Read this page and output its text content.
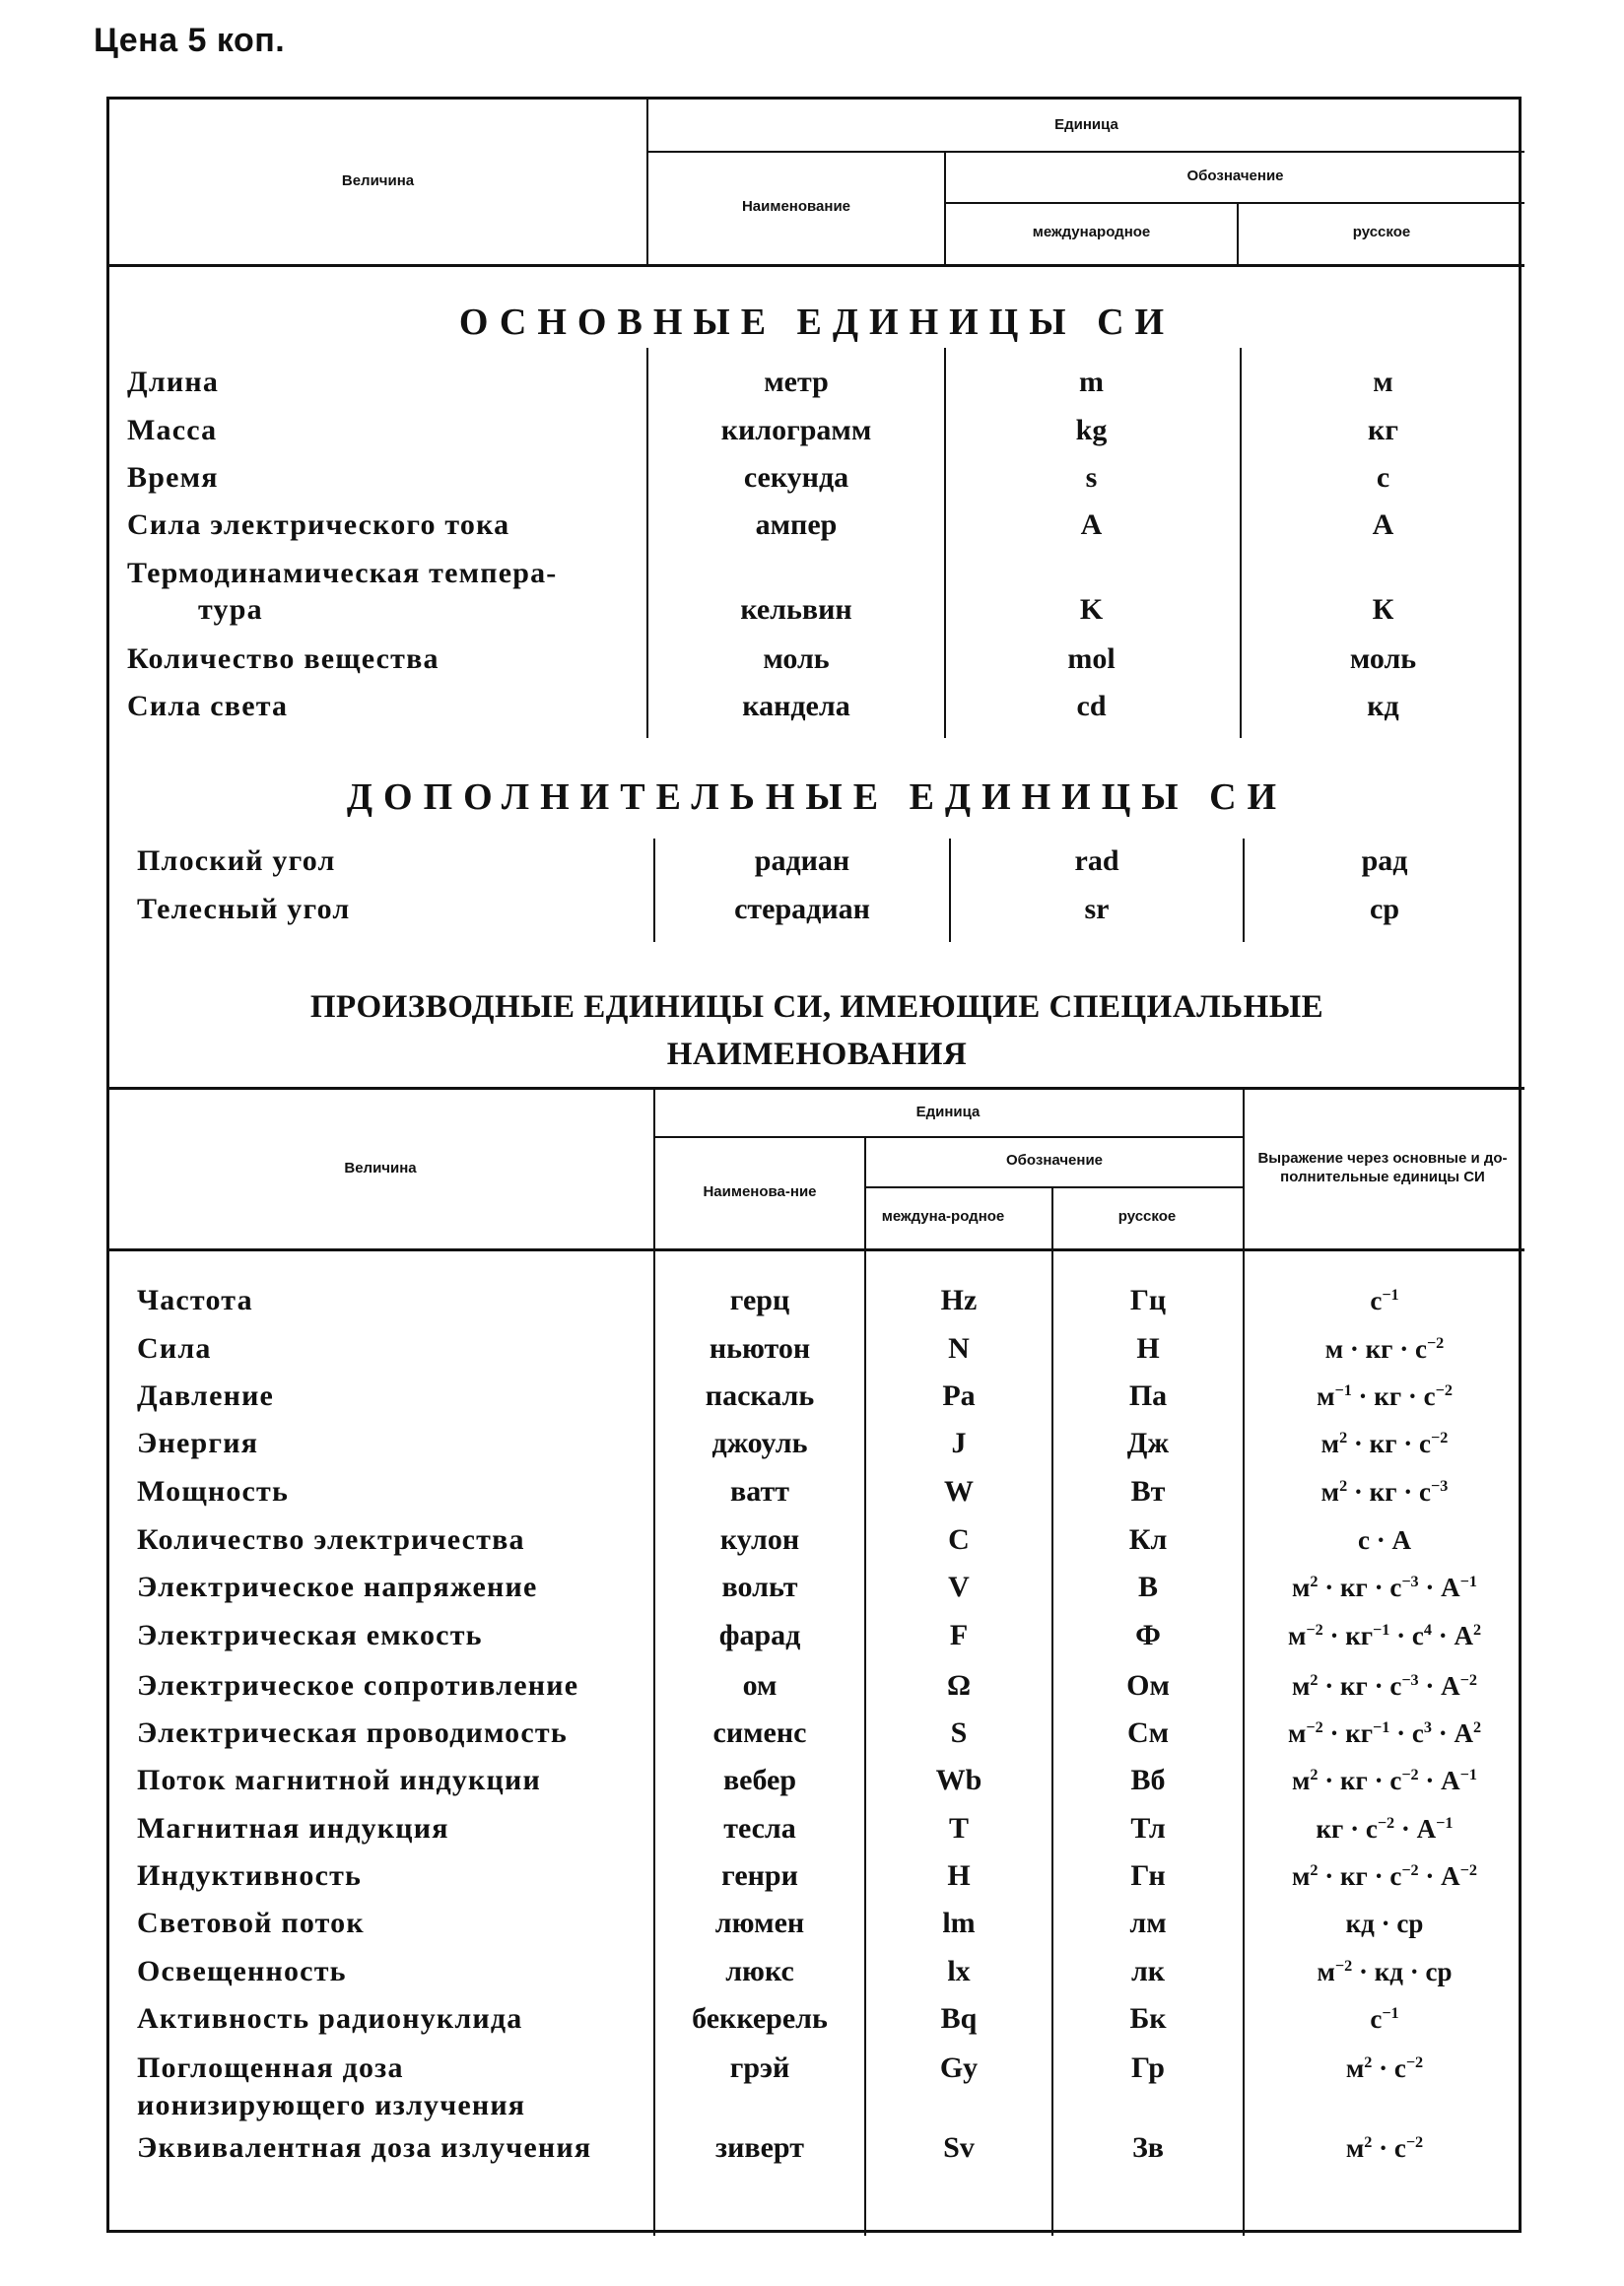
Цена 5 коп.
Величина
Единица
Наименование
Обозначение
международное	русское
ОСНОВНЫЕ ЕДИНИЦЫ СИ
Длина	метр	m	м
Масса	килограмм	kg	кг
Время	секунда	s	с
Сила электрического тока	ампер	A	А
Термодинамическая темпера-
тура	кельвин	K	К
Количество вещества	моль	mol	моль
Сила света	кандела	cd	кд
ДОПОЛНИТЕЛЬНЫЕ ЕДИНИЦЫ СИ
Плоский угол	радиан	rad	рад
Телесный угол	стерадиан	sr	ср
ПРОИЗВОДНЫЕ ЕДИНИЦЫ СИ, ИМЕЮЩИЕ СПЕЦИАЛЬНЫЕ
НАИМЕНОВАНИЯ
Величина
Единица
Наименова-ние
Обозначение
междуна-родное	русское
Выражение через основные и до-полнительные единицы СИ
Частота	герц	Hz	Гц	$с^{-1}$
Сила	ньютон	N	Н	м · кг · $с^{-2}$
Давление	паскаль	Pa	Па	$м^{-1}$ · кг · $с^{-2}$
Энергия	джоуль	J	Дж	$м^2$ · кг · $с^{-2}$
Мощность	ватт	W	Вт	$м^2$ · кг · $с^{-3}$
Количество электричества	кулон	C	Кл	с · А
Электрическое напряжение	вольт	V	В	$м^2$ · кг · $с^{-3} \cdot А^{-1}$
Электрическая емкость	фарад	F	Ф	$м^{-2} \cdot кг^{-1} \cdot с^4 \cdot А^2$
Электрическое сопротивление	ом	Ω	Ом	$м^2$ · кг · $с^{-3} \cdot А^{-2}$
Электрическая проводимость	сименс	S	См	$м^{-2} \cdot кг^{-1} \cdot с^3 \cdot А^2$
Поток магнитной индукции	вебер	Wb	Вб	$м^2$ · кг · $с^{-2} \cdot А^{-1}$
Магнитная индукция	тесла	T	Тл	кг · $с^{-2} \cdot А^{-1}$
Индуктивность	генри	H	Гн	$м^2$ · кг · $с^{-2} \cdot А^{-2}$
Световой поток	люмен	lm	лм	кд · ср
Освещенность	люкс	lx	лк	$м^{-2}$ · кд · ср
Активность радионуклида	беккерель	Bq	Бк	$с^{-1}$
Поглощенная доза	грэй	Gy	Гр	$м^2 \cdot с^{-2}$
ионизирующего излучения
Эквивалентная доза излучения	зиверт	Sv	Зв	$м^2 \cdot с^{-2}$
